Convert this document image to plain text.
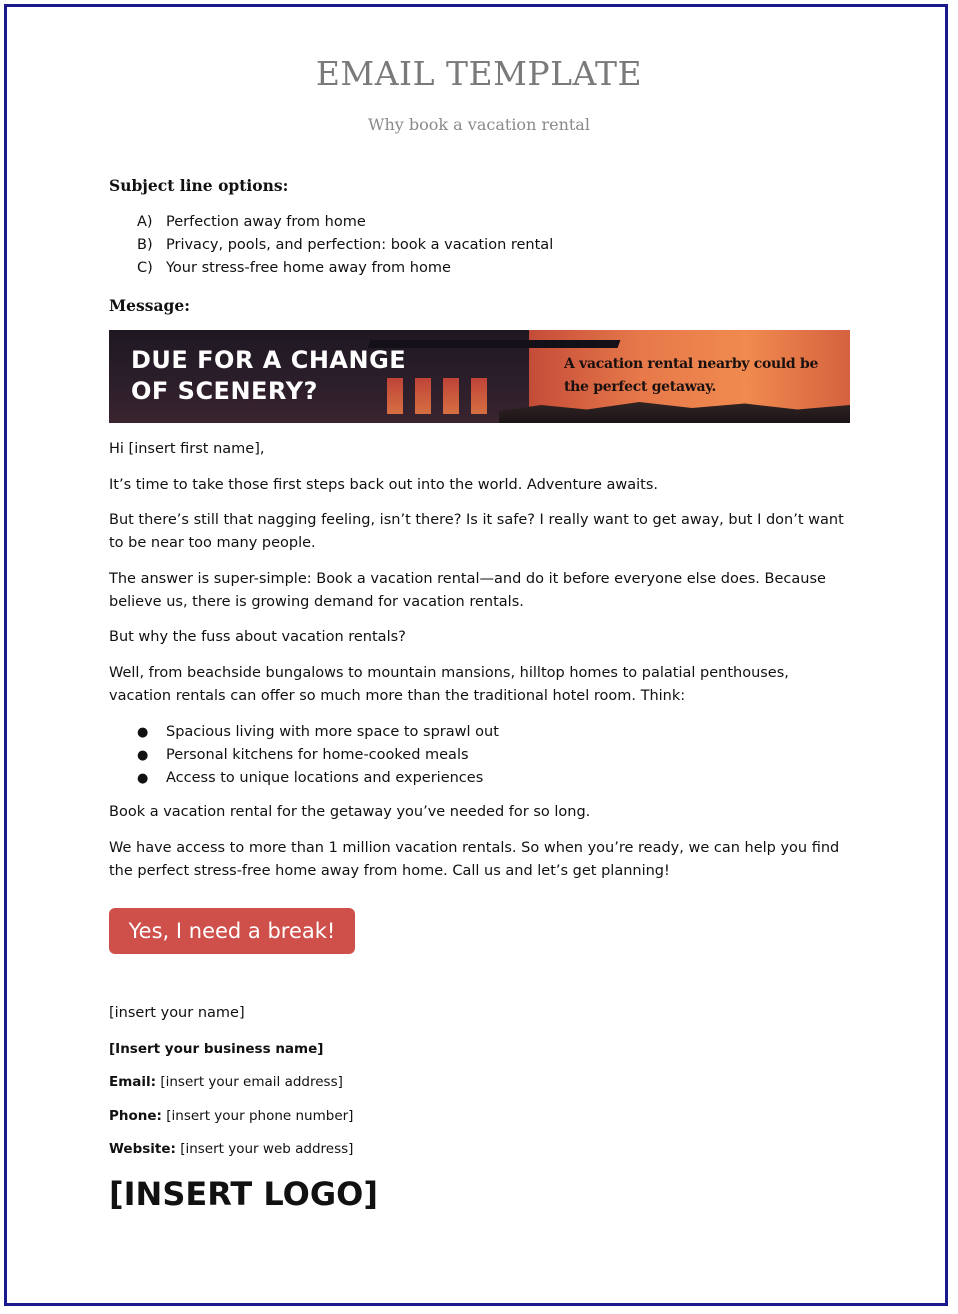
EMAIL TEMPLATE
Why book a vacation rental
Subject line options:
A) Perfection away from home
B) Privacy, pools, and perfection: book a vacation rental
C) Your stress-free home away from home
Message:
DUE FOR A CHANGE
OF SCENERY?
A vacation rental nearby could be the perfect getaway.
Hi [insert first name],
It’s time to take those first steps back out into the world. Adventure awaits.
But there’s still that nagging feeling, isn’t there? Is it safe? I really want to get away, but I don’t want to be near too many people.
The answer is super-simple: Book a vacation rental—and do it before everyone else does. Because believe us, there is growing demand for vacation rentals.
But why the fuss about vacation rentals?
Well, from beachside bungalows to mountain mansions, hilltop homes to palatial penthouses, vacation rentals can offer so much more than the traditional hotel room. Think:
● Spacious living with more space to sprawl out
● Personal kitchens for home-cooked meals
● Access to unique locations and experiences
Book a vacation rental for the getaway you’ve needed for so long.
We have access to more than 1 million vacation rentals. So when you’re ready, we can help you find the perfect stress-free home away from home. Call us and let’s get planning!
Yes, I need a break!
[insert your name]
[Insert your business name]
Email: [insert your email address]
Phone: [insert your phone number]
Website: [insert your web address]
[INSERT LOGO]
